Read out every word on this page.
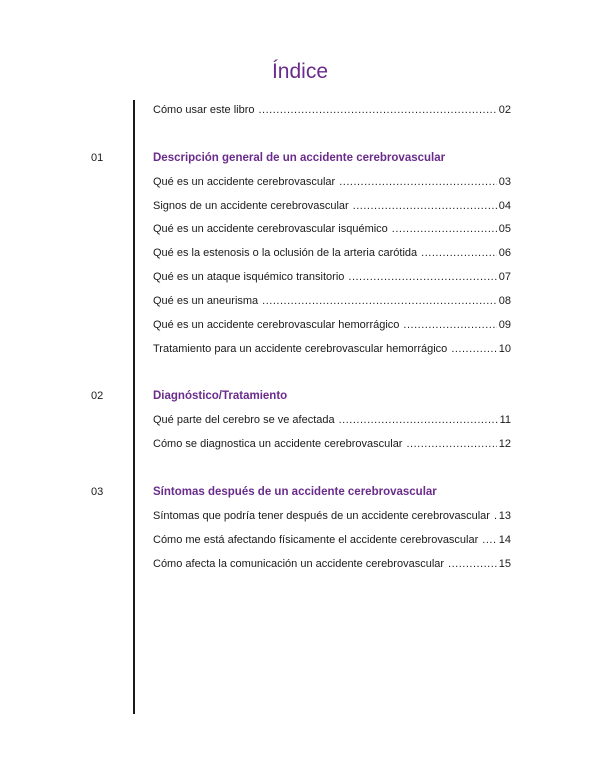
Índice
Cómo usar este libro .....	02
01	Descripción general de un accidente cerebrovascular
Qué es un accidente cerebrovascular .....	03
Signos de un accidente cerebrovascular .....	04
Qué es un accidente cerebrovascular isquémico .....	05
Qué es la estenosis o la oclusión de la arteria carótida .....	06
Qué es un ataque isquémico transitorio .....	07
Qué es un aneurisma .....	08
Qué es un accidente cerebrovascular hemorrágico .....	09
Tratamiento para un accidente cerebrovascular hemorrágico .....	10
02	Diagnóstico/Tratamiento
Qué parte del cerebro se ve afectada .....	11
Cómo se diagnostica un accidente cerebrovascular .....	12
03	Síntomas después de un accidente cerebrovascular
Síntomas que podría tener después de un accidente cerebrovascular ..... 13
Cómo me está afectando físicamente el accidente cerebrovascular ..... 14
Cómo afecta la comunicación un accidente cerebrovascular .....	15
